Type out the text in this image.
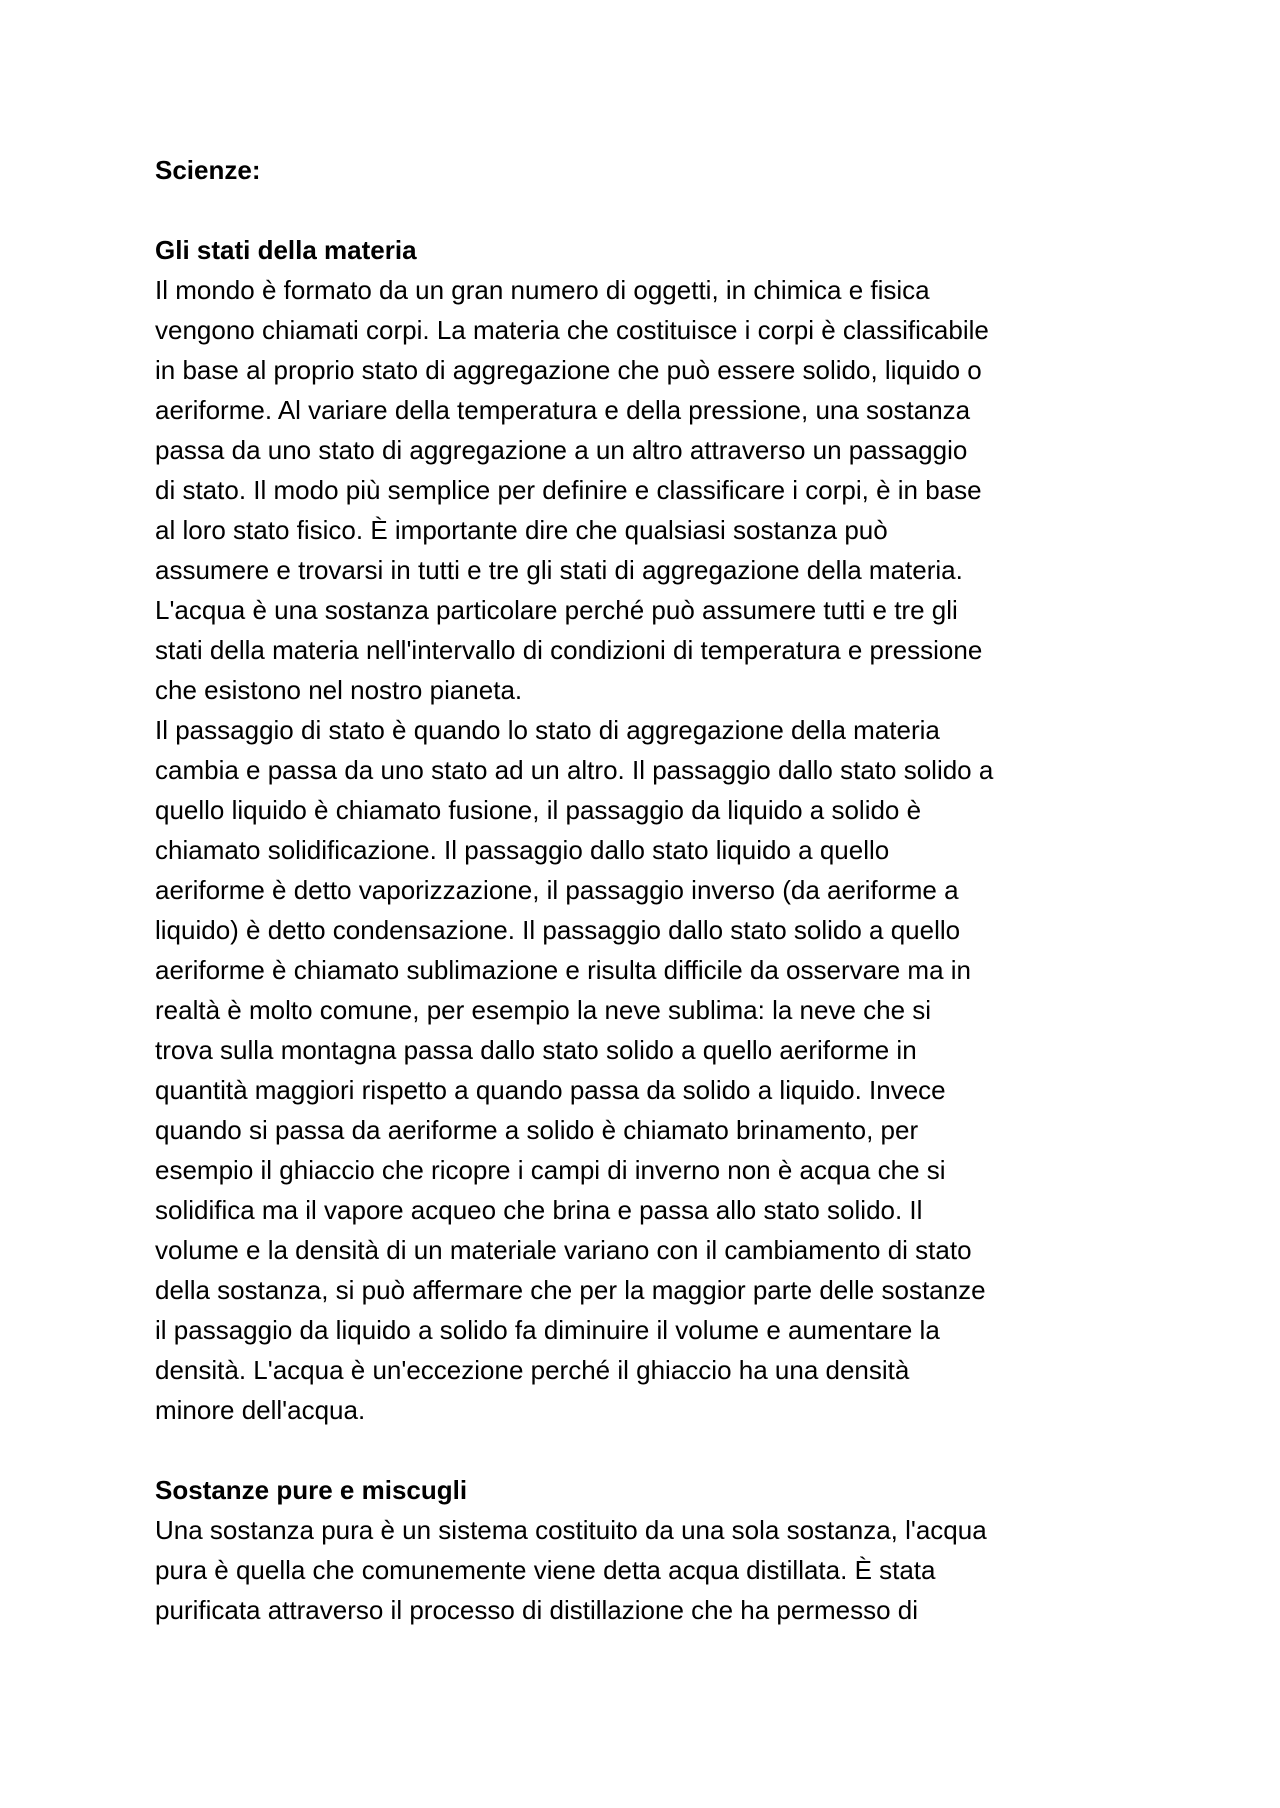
Scienze:

Gli stati della materia

Il mondo è formato da un gran numero di oggetti, in chimica e fisica
vengono chiamati corpi. La materia che costituisce i corpi è classificabile
in base al proprio stato di aggregazione che può essere solido, liquido o
aeriforme. Al variare della temperatura e della pressione, una sostanza
passa da uno stato di aggregazione a un altro attraverso un passaggio
di stato. Il modo più semplice per definire e classificare i corpi, è in base
al loro stato fisico. È importante dire che qualsiasi sostanza può
assumere e trovarsi in tutti e tre gli stati di aggregazione della materia.
L'acqua è una sostanza particolare perché può assumere tutti e tre gli
stati della materia nell'intervallo di condizioni di temperatura e pressione
che esistono nel nostro pianeta.
Il passaggio di stato è quando lo stato di aggregazione della materia
cambia e passa da uno stato ad un altro. Il passaggio dallo stato solido a
quello liquido è chiamato fusione, il passaggio da liquido a solido è
chiamato solidificazione. Il passaggio dallo stato liquido a quello
aeriforme è detto vaporizzazione, il passaggio inverso (da aeriforme a
liquido) è detto condensazione. Il passaggio dallo stato solido a quello
aeriforme è chiamato sublimazione e risulta difficile da osservare ma in
realtà è molto comune, per esempio la neve sublima: la neve che si
trova sulla montagna passa dallo stato solido a quello aeriforme in
quantità maggiori rispetto a quando passa da solido a liquido. Invece
quando si passa da aeriforme a solido è chiamato brinamento, per
esempio il ghiaccio che ricopre i campi di inverno non è acqua che si
solidifica ma il vapore acqueo che brina e passa allo stato solido. Il
volume e la densità di un materiale variano con il cambiamento di stato
della sostanza, si può affermare che per la maggior parte delle sostanze
il passaggio da liquido a solido fa diminuire il volume e aumentare la
densità. L'acqua è un'eccezione perché il ghiaccio ha una densità
minore dell'acqua.

Sostanze pure e miscugli

Una sostanza pura è un sistema costituito da una sola sostanza, l'acqua
pura è quella che comunemente viene detta acqua distillata. È stata
purificata attraverso il processo di distillazione che ha permesso di
